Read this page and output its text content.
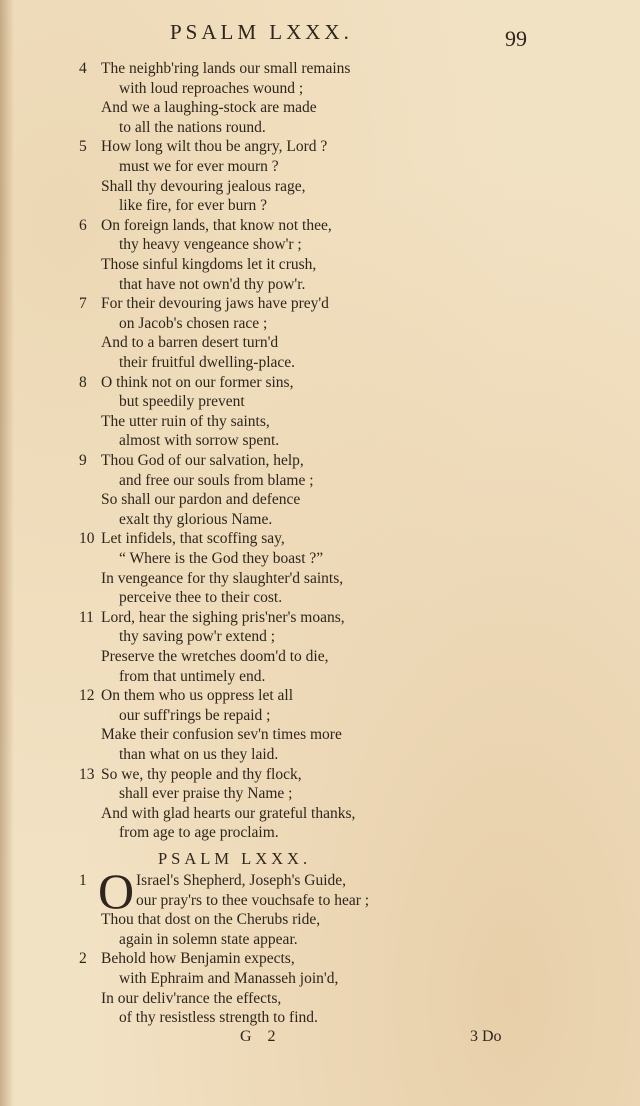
PSALM LXXX.	99
4 The neighb'ring lands our small remains
with loud reproaches wound ;
And we a laughing-stock are made
to all the nations round.
5 How long wilt thou be angry, Lord ?
must we for ever mourn ?
Shall thy devouring jealous rage,
like fire, for ever burn ?
6 On foreign lands, that know not thee,
thy heavy vengeance show'r ;
Those sinful kingdoms let it crush,
that have not own'd thy pow'r.
7 For their devouring jaws have prey'd
on Jacob's chosen race ;
And to a barren desert turn'd
their fruitful dwelling-place.
8 O think not on our former sins,
but speedily prevent
The utter ruin of thy saints,
almost with sorrow spent.
9 Thou God of our salvation, help,
and free our souls from blame ;
So shall our pardon and defence
exalt thy glorious Name.
10 Let infidels, that scoffing say,
“ Where is the God they boast ?”
In vengeance for thy slaughter'd saints,
perceive thee to their cost.
11 Lord, hear the sighing pris'ner's moans,
thy saving pow'r extend ;
Preserve the wretches doom'd to die,
from that untimely end.
12 On them who us oppress let all
our suff'rings be repaid ;
Make their confusion sev'n times more
than what on us they laid.
13 So we, thy people and thy flock,
shall ever praise thy Name ;
And with glad hearts our grateful thanks,
from age to age proclaim.
PSALM LXXX.
O
1	Israel's Shepherd, Joseph's Guide,
our pray'rs to thee vouchsafe to hear ;
Thou that dost on the Cherubs ride,
again in solemn state appear.
2 Behold how Benjamin expects,
with Ephraim and Manasseh join'd,
In our deliv'rance the effects,
of thy resistless strength to find.
G 2	3 Do
